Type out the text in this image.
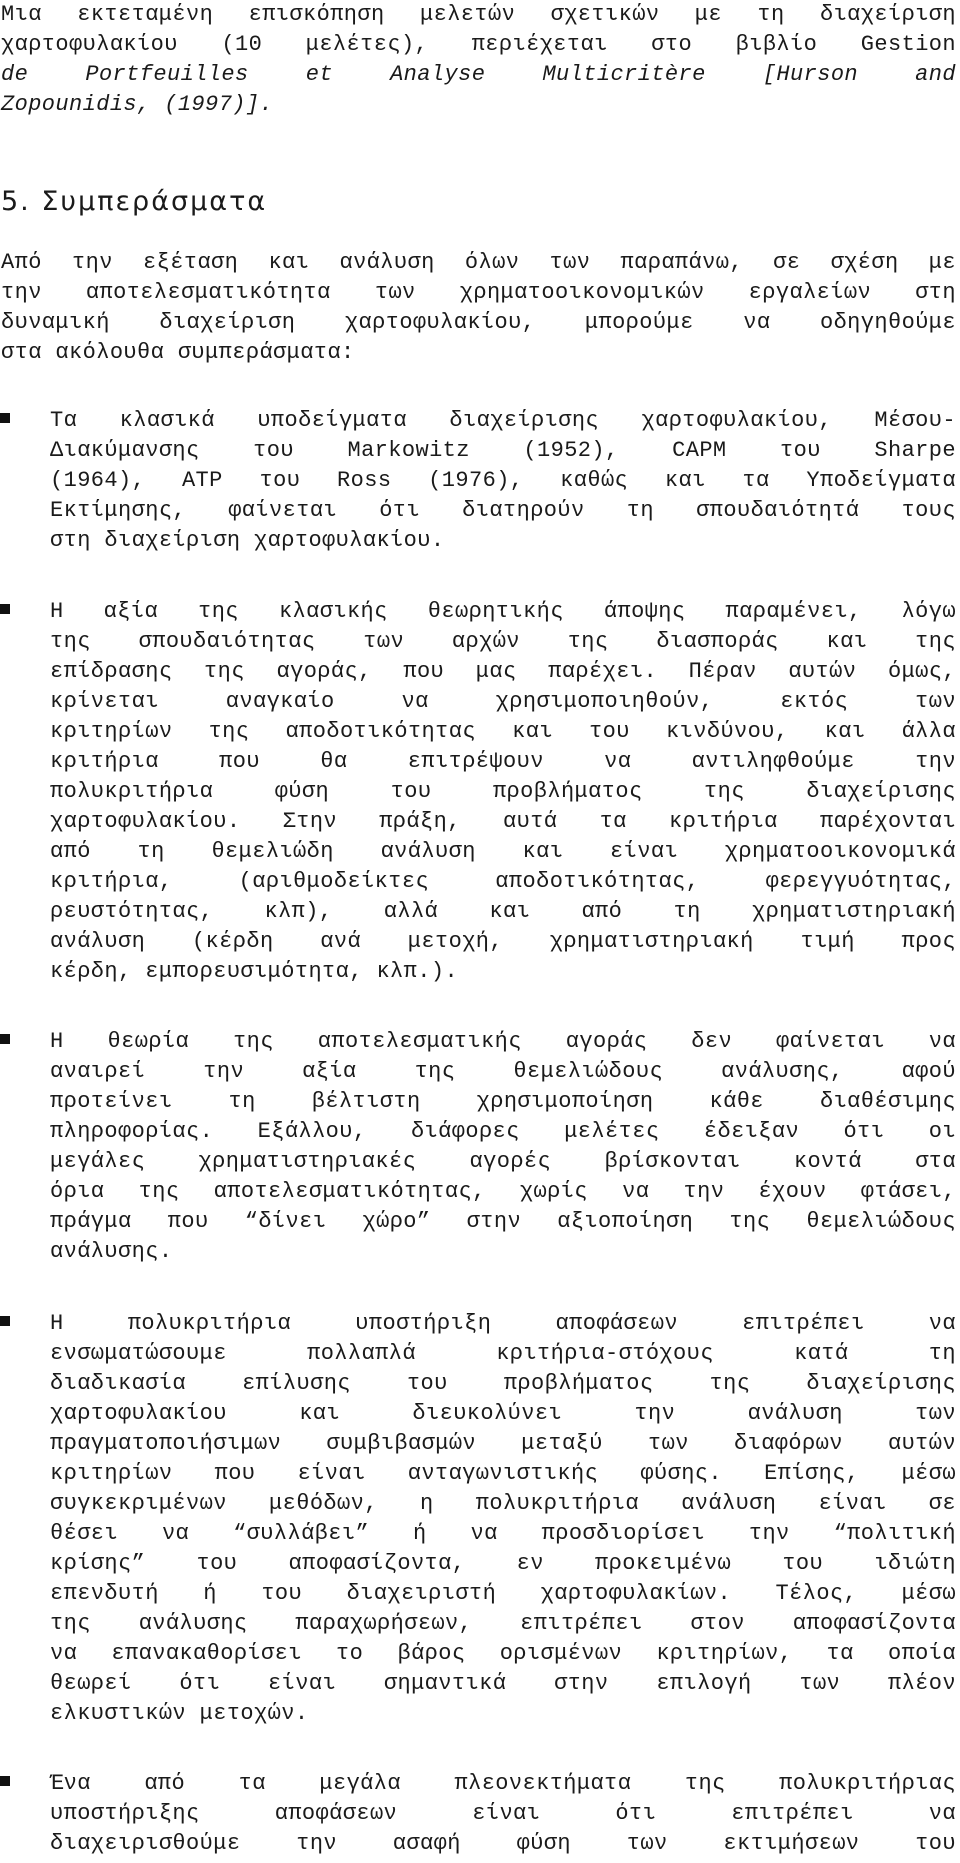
Μια εκτεταμένη επισκόπηση μελετών σχετικών με τη διαχείριση
χαρτοφυλακίου (10 μελέτες), περιέχεται στο βιβλίο Gestion
de Portfeuilles et Analyse Multicritère [Hurson and
Zopounidis, (1997)].

5. Συμπεράσματα

Από την εξέταση και ανάλυση όλων των παραπάνω, σε σχέση με
την αποτελεσματικότητα των χρηματοοικονομικών εργαλείων στη
δυναμική διαχείριση χαρτοφυλακίου, μπορούμε να οδηγηθούμε
στα ακόλουθα συμπεράσματα:

Τα κλασικά υποδείγματα διαχείρισης χαρτοφυλακίου, Μέσου-
Διακύμανσης του Markowitz (1952), CAPM του Sharpe
(1964), ATP του Ross (1976), καθώς και τα Υποδείγματα
Εκτίμησης, φαίνεται ότι διατηρούν τη σπουδαιότητά τους
στη διαχείριση χαρτοφυλακίου.

Η αξία της κλασικής θεωρητικής άποψης παραμένει, λόγω
της σπουδαιότητας των αρχών της διασποράς και της
επίδρασης της αγοράς, που μας παρέχει. Πέραν αυτών όμως,
κρίνεται αναγκαίο να χρησιμοποιηθούν, εκτός των
κριτηρίων της αποδοτικότητας και του κινδύνου, και άλλα
κριτήρια που θα επιτρέψουν να αντιληφθούμε την
πολυκριτήρια φύση του προβλήματος της διαχείρισης
χαρτοφυλακίου. Στην πράξη, αυτά τα κριτήρια παρέχονται
από τη θεμελιώδη ανάλυση και είναι χρηματοοικονομικά
κριτήρια, (αριθμοδείκτες αποδοτικότητας, φερεγγυότητας,
ρευστότητας, κλπ), αλλά και από τη χρηματιστηριακή
ανάλυση (κέρδη ανά μετοχή, χρηματιστηριακή τιμή προς
κέρδη, εμπορευσιμότητα, κλπ.).

Η θεωρία της αποτελεσματικής αγοράς δεν φαίνεται να
αναιρεί την αξία της θεμελιώδους ανάλυσης, αφού
προτείνει τη βέλτιστη χρησιμοποίηση κάθε διαθέσιμης
πληροφορίας. Εξάλλου, διάφορες μελέτες έδειξαν ότι οι
μεγάλες χρηματιστηριακές αγορές βρίσκονται κοντά στα
όρια της αποτελεσματικότητας, χωρίς να την έχουν φτάσει,
πράγμα που “δίνει χώρο” στην αξιοποίηση της θεμελιώδους
ανάλυσης.

Η πολυκριτήρια υποστήριξη αποφάσεων επιτρέπει να
ενσωματώσουμε πολλαπλά κριτήρια-στόχους κατά τη
διαδικασία επίλυσης του προβλήματος της διαχείρισης
χαρτοφυλακίου και διευκολύνει την ανάλυση των
πραγματοποιήσιμων συμβιβασμών μεταξύ των διαφόρων αυτών
κριτηρίων που είναι ανταγωνιστικής φύσης. Επίσης, μέσω
συγκεκριμένων μεθόδων, η πολυκριτήρια ανάλυση είναι σε
θέσει να “συλλάβει” ή να προσδιορίσει την “πολιτική
κρίσης” του αποφασίζοντα, εν προκειμένω του ιδιώτη
επενδυτή ή του διαχειριστή χαρτοφυλακίων. Τέλος, μέσω
της ανάλυσης παραχωρήσεων, επιτρέπει στον αποφασίζοντα
να επανακαθορίσει το βάρος ορισμένων κριτηρίων, τα οποία
θεωρεί ότι είναι σημαντικά στην επιλογή των πλέον
ελκυστικών μετοχών.

Ένα από τα μεγάλα πλεονεκτήματα της πολυκριτήριας
υποστήριξης αποφάσεων είναι ότι επιτρέπει να
διαχειρισθούμε την ασαφή φύση των εκτιμήσεων του
